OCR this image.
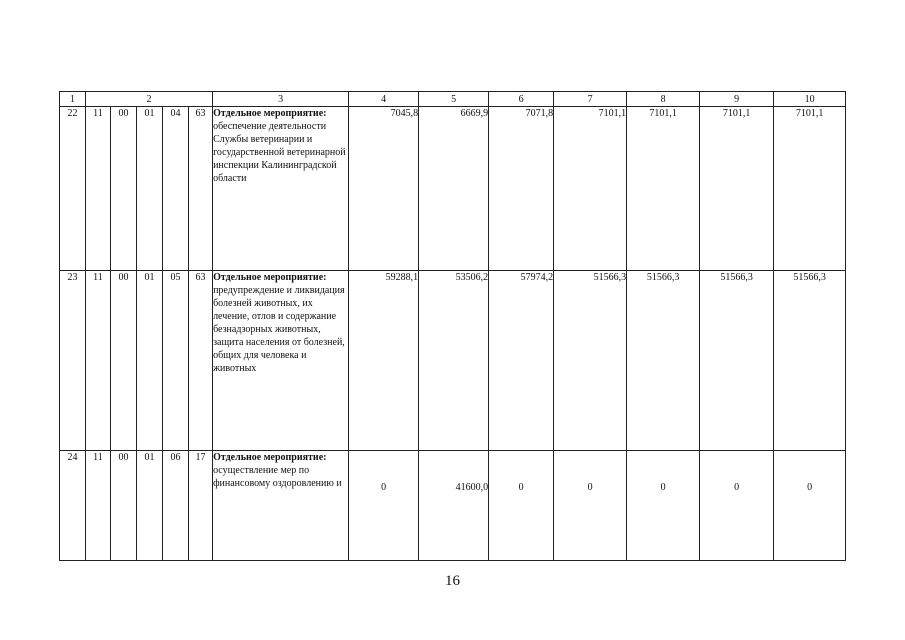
1	2					3	4	5	6	7	8	9	10
22	11	00	01	04	63	Отдельное мероприятие:
обеспечение деятельности Службы ветеринарии и государственной ветеринарной инспекции Калининградской области	7045,8	6669,9	7071,8	7101,1	7101,1	7101,1	7101,1
23	11	00	01	05	63	Отдельное мероприятие:
предупреждение и ликвидация болезней животных, их лечение, отлов и содержание безнадзорных животных, защита населения от болезней, общих для человека и животных	59288,1	53506,2	57974,2	51566,3	51566,3	51566,3	51566,3
24	11	00	01	06	17	Отдельное мероприятие:
осуществление мер по финансовому оздоровлению и	0	41600,0	0	0	0	0	0
16
